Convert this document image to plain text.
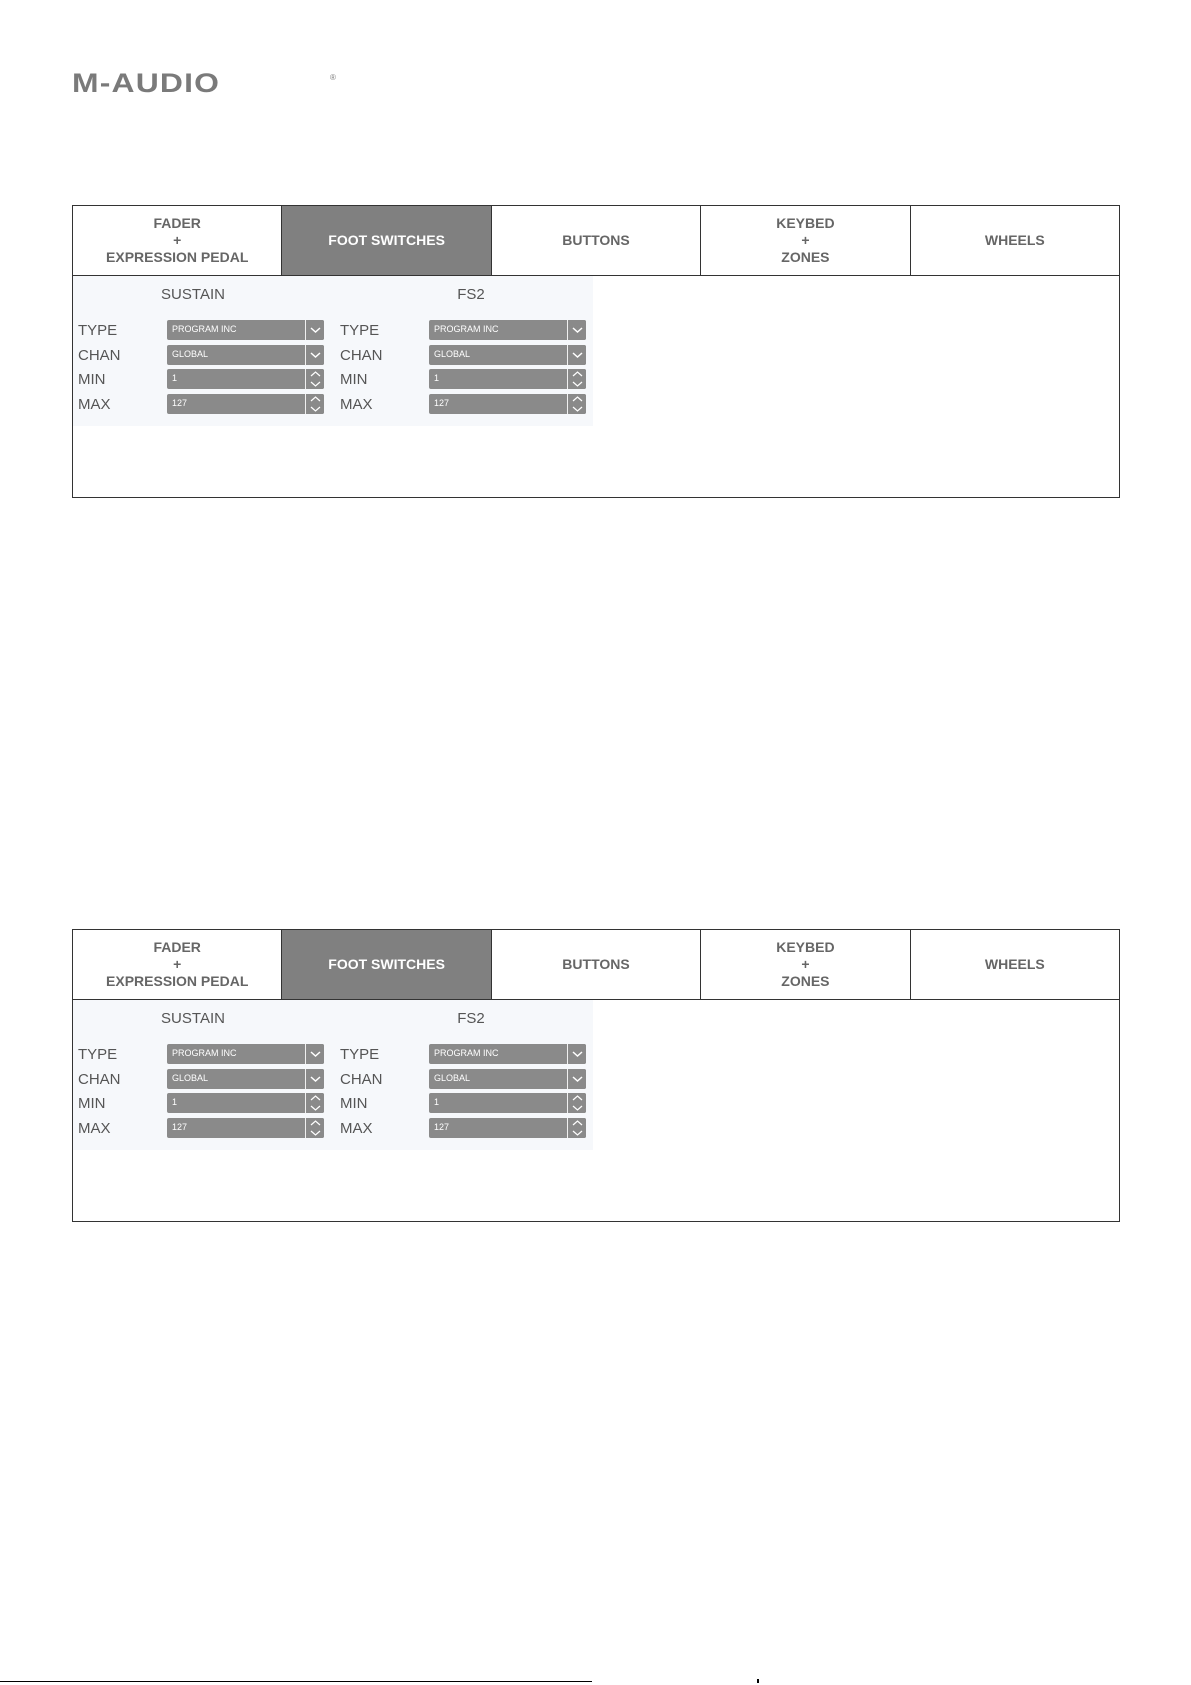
M-AUDIO	®
FADER
+
EXPRESSION PEDAL
FOOT SWITCHES	BUTTONS
KEYBED
+
ZONES
WHEELS
SUSTAIN
TYPE	PROGRAM INC
CHAN	GLOBAL
MIN	1
MAX	127
FS2
TYPE	PROGRAM INC
CHAN	GLOBAL
MIN	1
MAX	127
FADER
+
EXPRESSION PEDAL
FOOT SWITCHES	BUTTONS
KEYBED
+
ZONES
WHEELS
SUSTAIN
TYPE	PROGRAM INC
CHAN	GLOBAL
MIN	1
MAX	127
FS2
TYPE	PROGRAM INC
CHAN	GLOBAL
MIN	1
MAX	127
